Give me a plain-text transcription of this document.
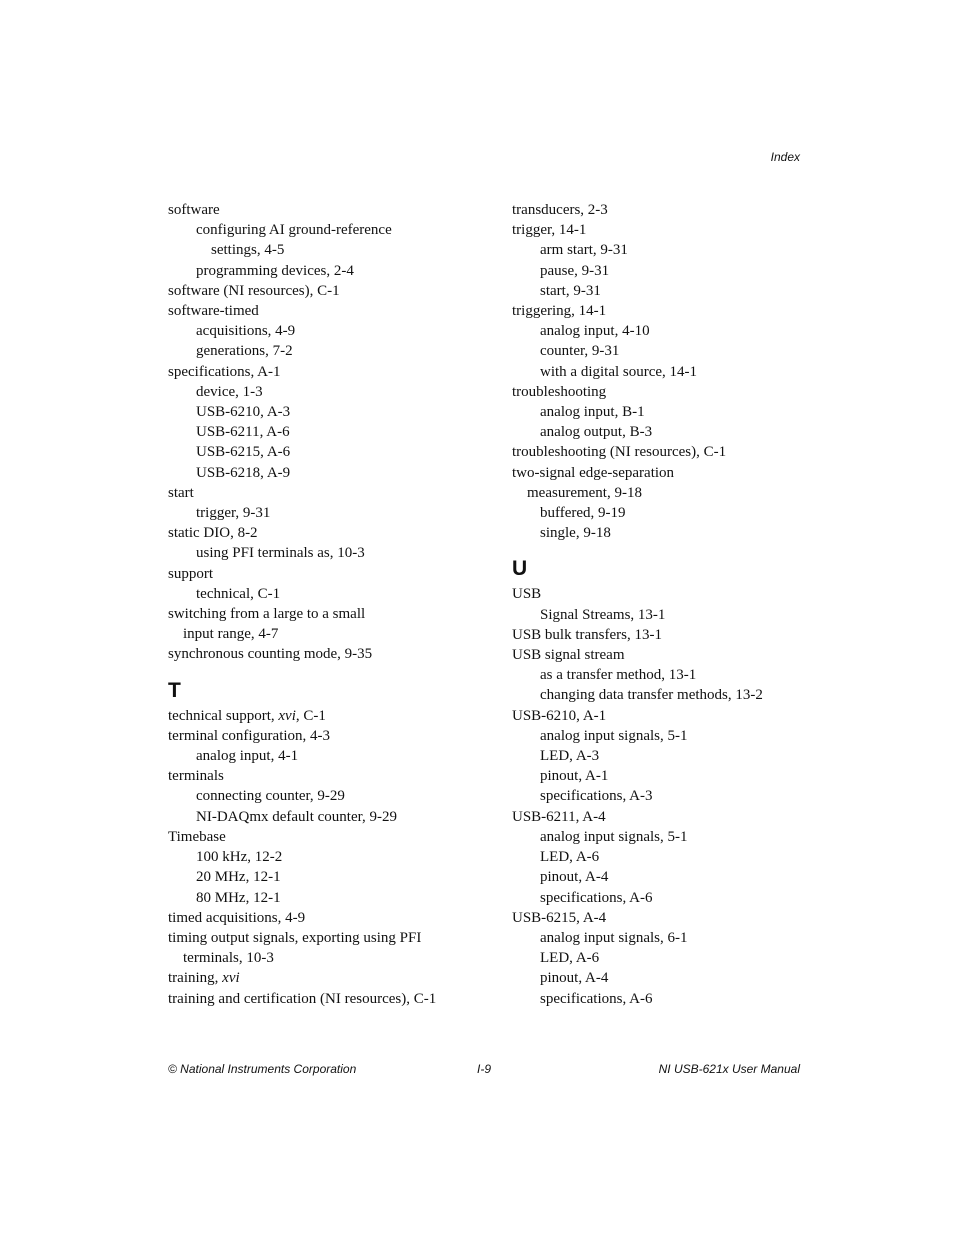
Index
software
configuring AI ground-reference
settings, 4-5
programming devices, 2-4
software (NI resources), C-1
software-timed
acquisitions, 4-9
generations, 7-2
specifications, A-1
device, 1-3
USB-6210, A-3
USB-6211, A-6
USB-6215, A-6
USB-6218, A-9
start
trigger, 9-31
static DIO, 8-2
using PFI terminals as, 10-3
support
technical, C-1
switching from a large to a small
input range, 4-7
synchronous counting mode, 9-35
T
technical support, xvi, C-1
terminal configuration, 4-3
analog input, 4-1
terminals
connecting counter, 9-29
NI-DAQmx default counter, 9-29
Timebase
100 kHz, 12-2
20 MHz, 12-1
80 MHz, 12-1
timed acquisitions, 4-9
timing output signals, exporting using PFI
terminals, 10-3
training, xvi
training and certification (NI resources), C-1
transducers, 2-3
trigger, 14-1
arm start, 9-31
pause, 9-31
start, 9-31
triggering, 14-1
analog input, 4-10
counter, 9-31
with a digital source, 14-1
troubleshooting
analog input, B-1
analog output, B-3
troubleshooting (NI resources), C-1
two-signal edge-separation
measurement, 9-18
buffered, 9-19
single, 9-18
U
USB
Signal Streams, 13-1
USB bulk transfers, 13-1
USB signal stream
as a transfer method, 13-1
changing data transfer methods, 13-2
USB-6210, A-1
analog input signals, 5-1
LED, A-3
pinout, A-1
specifications, A-3
USB-6211, A-4
analog input signals, 5-1
LED, A-6
pinout, A-4
specifications, A-6
USB-6215, A-4
analog input signals, 6-1
LED, A-6
pinout, A-4
specifications, A-6
© National Instruments Corporation	I-9	NI USB-621x User Manual
